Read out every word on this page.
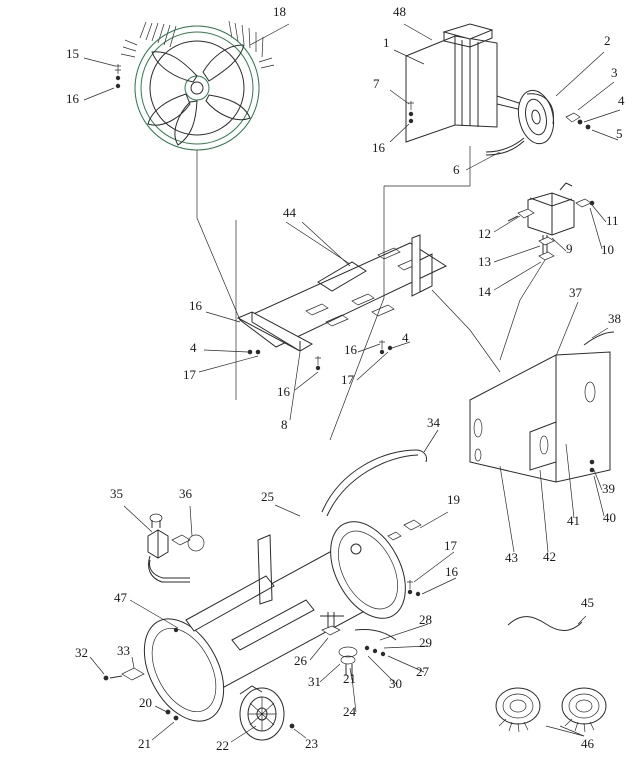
18	48
1	2
15
3
7
16	4
5
16
6
11
44
12
10
9
13
14	37
16
38
4	16
4
17	17
16
8	34
19
39
40
41
35	36	25
43 42
17
16
47	45
28
29
32 33
26
27
31 21
24
30
20
46
21	22	23
